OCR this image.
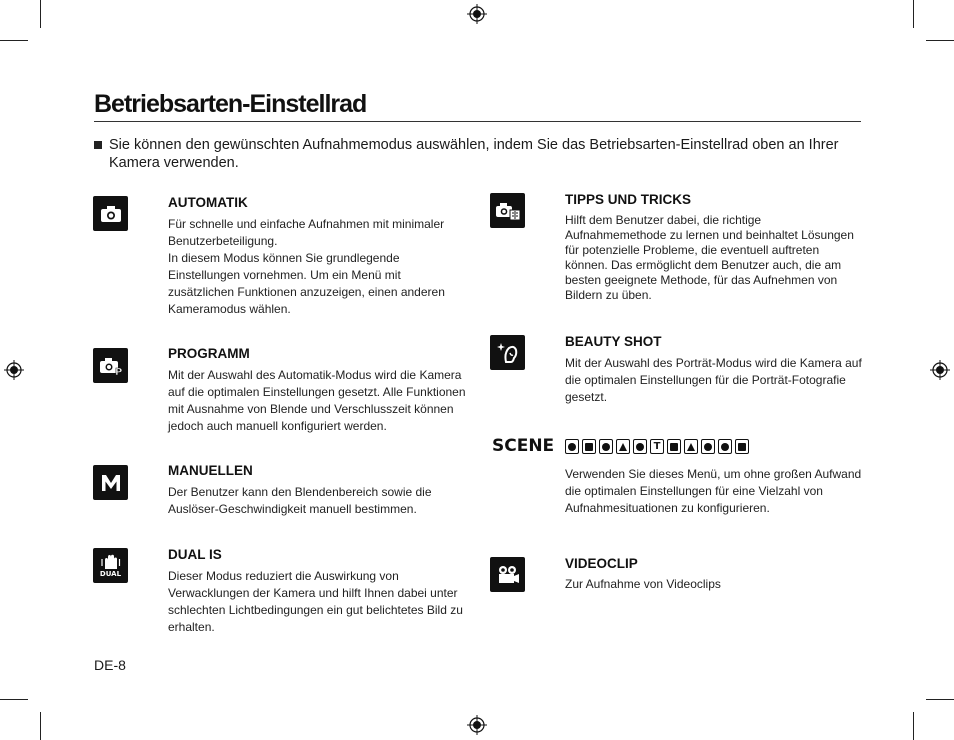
Betriebsarten-Einstellrad
Sie können den gewünschten Aufnahmemodus auswählen, indem Sie das Betriebsarten-Einstellrad oben an Ihrer Kamera verwenden.
AUTOMATIK

Für schnelle und einfache Aufnahmen mit minimaler Benutzerbeteiligung.
In diesem Modus können Sie grundlegende Einstellungen vornehmen. Um ein Menü mit zusätzlichen Funktionen anzuzeigen, einen anderen Kameramodus wählen.

P
PROGRAMM

Mit der Auswahl des Automatik-Modus wird die Kamera auf die optimalen Einstellungen gesetzt. Alle Funktionen mit Ausnahme von Blende und Verschlusszeit können jedoch auch manuell konfiguriert werden.

MANUELLEN

Der Benutzer kann den Blendenbereich sowie die Auslöser-Geschwindigkeit manuell bestimmen.

DUAL
DUAL IS

Dieser Modus reduziert die Auswirkung von Verwacklungen der Kamera und hilft Ihnen dabei unter schlechten Lichtbedingungen ein gut belichtetes Bild zu erhalten.

TIPPS UND TRICKS

Hilft dem Benutzer dabei, die richtige Aufnahmemethode zu lernen und beinhaltet Lösungen für potenzielle Probleme, die eventuell auftreten können. Das ermöglicht dem Benutzer auch, die am besten geeignete Methode, für das Aufnehmen von Bildern zu üben.

BEAUTY SHOT

Mit der Auswahl des Porträt-Modus wird die Kamera auf die optimalen Einstellungen für die Porträt-Fotografie gesetzt.

SCENE	T

Verwenden Sie dieses Menü, um ohne großen Aufwand die optimalen Einstellungen für eine Vielzahl von Aufnahmesituationen zu konfigurieren.

VIDEOCLIP

Zur Aufnahme von Videoclips

DE-8
